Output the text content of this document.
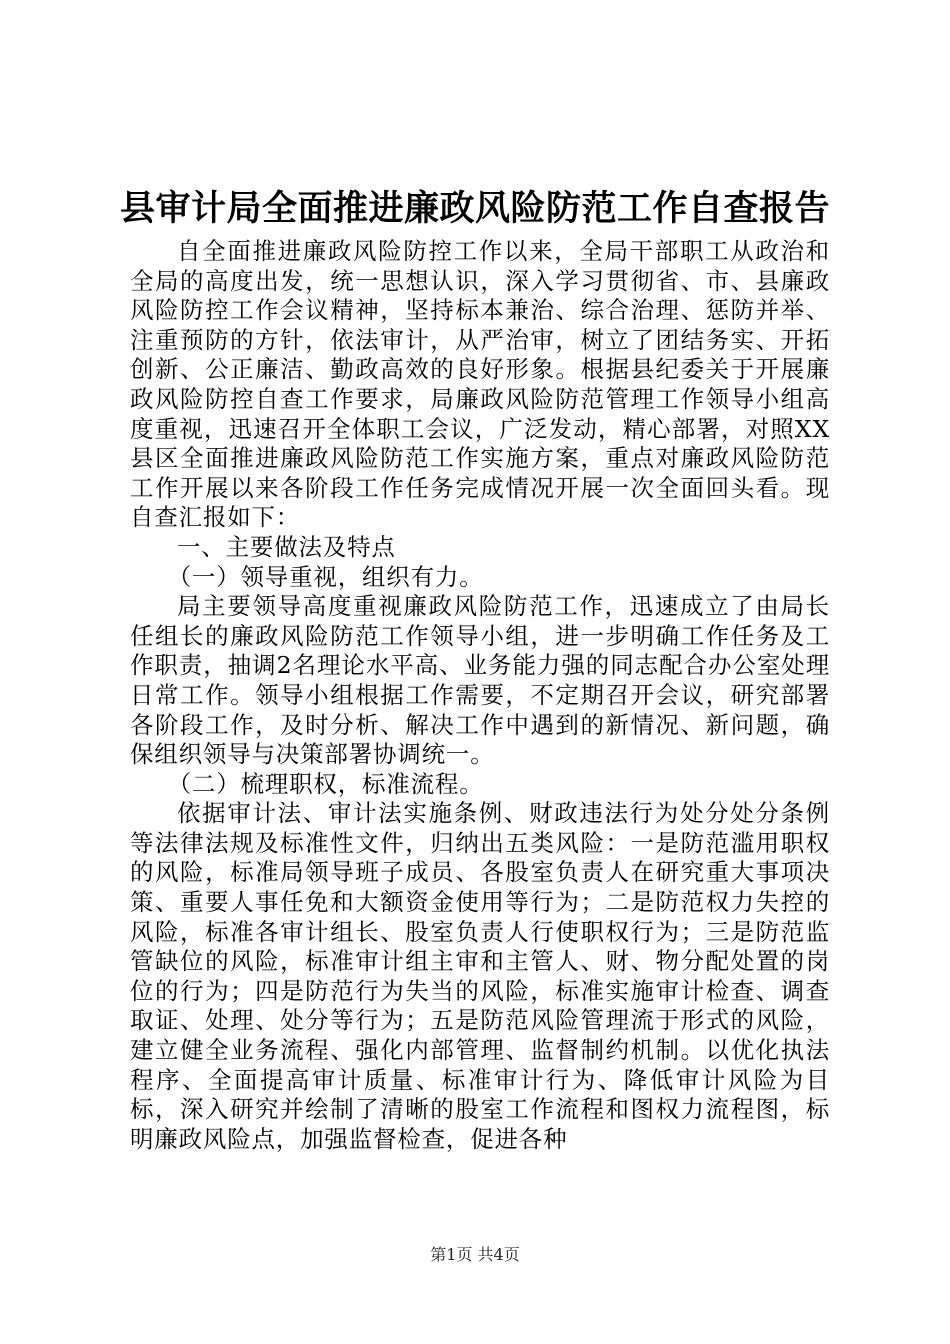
县审计局全面推进廉政风险防范工作自查报告

自全面推进廉政风险防控工作以来，全局干部职工从政治和全局的高度出发，统一思想认识，深入学习贯彻省、市、县廉政风险防控工作会议精神，坚持标本兼治、综合治理、惩防并举、注重预防的方针，依法审计，从严治审，树立了团结务实、开拓创新、公正廉洁、勤政高效的良好形象。根据县纪委关于开展廉政风险防控自查工作要求，局廉政风险防范管理工作领导小组高度重视，迅速召开全体职工会议，广泛发动，精心部署，对照XX县区全面推进廉政风险防范工作实施方案，重点对廉政风险防范工作开展以来各阶段工作任务完成情况开展一次全面回头看。现自查汇报如下：

一、主要做法及特点

（一）领导重视，组织有力。

局主要领导高度重视廉政风险防范工作，迅速成立了由局长任组长的廉政风险防范工作领导小组，进一步明确工作任务及工作职责，抽调2名理论水平高、业务能力强的同志配合办公室处理日常工作。领导小组根据工作需要，不定期召开会议，研究部署各阶段工作，及时分析、解决工作中遇到的新情况、新问题，确保组织领导与决策部署协调统一。

（二）梳理职权，标准流程。

依据审计法、审计法实施条例、财政违法行为处分处分条例等法律法规及标准性文件，归纳出五类风险：一是防范滥用职权的风险，标准局领导班子成员、各股室负责人在研究重大事项决策、重要人事任免和大额资金使用等行为；二是防范权力失控的风险，标准各审计组长、股室负责人行使职权行为；三是防范监管缺位的风险，标准审计组主审和主管人、财、物分配处置的岗位的行为；四是防范行为失当的风险，标准实施审计检查、调查取证、处理、处分等行为；五是防范风险管理流于形式的风险，建立健全业务流程、强化内部管理、监督制约机制。以优化执法程序、全面提高审计质量、标准审计行为、降低审计风险为目标，深入研究并绘制了清晰的股室工作流程和图权力流程图，标明廉政风险点，加强监督检查，促进各种

第1页 共4页
